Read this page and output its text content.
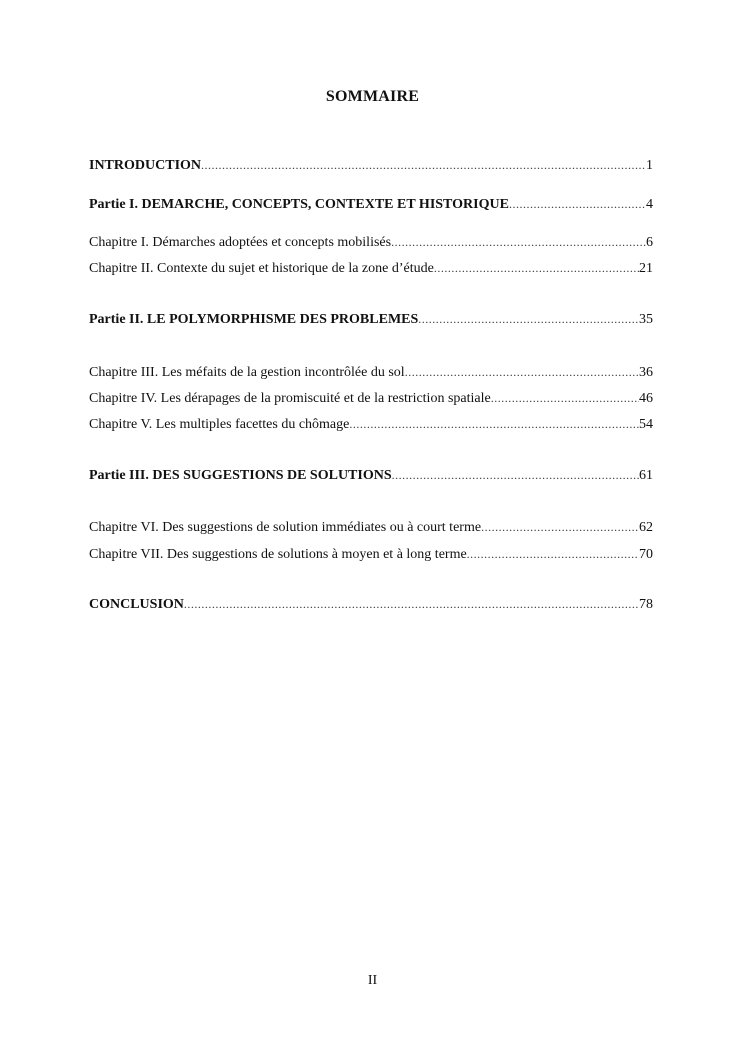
SOMMAIRE
INTRODUCTION .....	1
Partie I. DEMARCHE, CONCEPTS, CONTEXTE ET HISTORIQUE .....	4
Chapitre I. Démarches adoptées et concepts mobilisés .....	6
Chapitre II. Contexte du sujet et historique de la zone d’étude .....	21
Partie II. LE POLYMORPHISME DES PROBLEMES .....	35
Chapitre III. Les méfaits de la gestion incontrôlée du sol .....	36
Chapitre IV. Les dérapages de la promiscuité et de la restriction spatiale .....	46
Chapitre V. Les multiples facettes du chômage .....	54
Partie III. DES SUGGESTIONS DE SOLUTIONS .....	61
Chapitre VI. Des suggestions de solution immédiates ou à court terme .....	62
Chapitre VII. Des suggestions de solutions à moyen et à long terme .....	70
CONCLUSION .....	78
II
